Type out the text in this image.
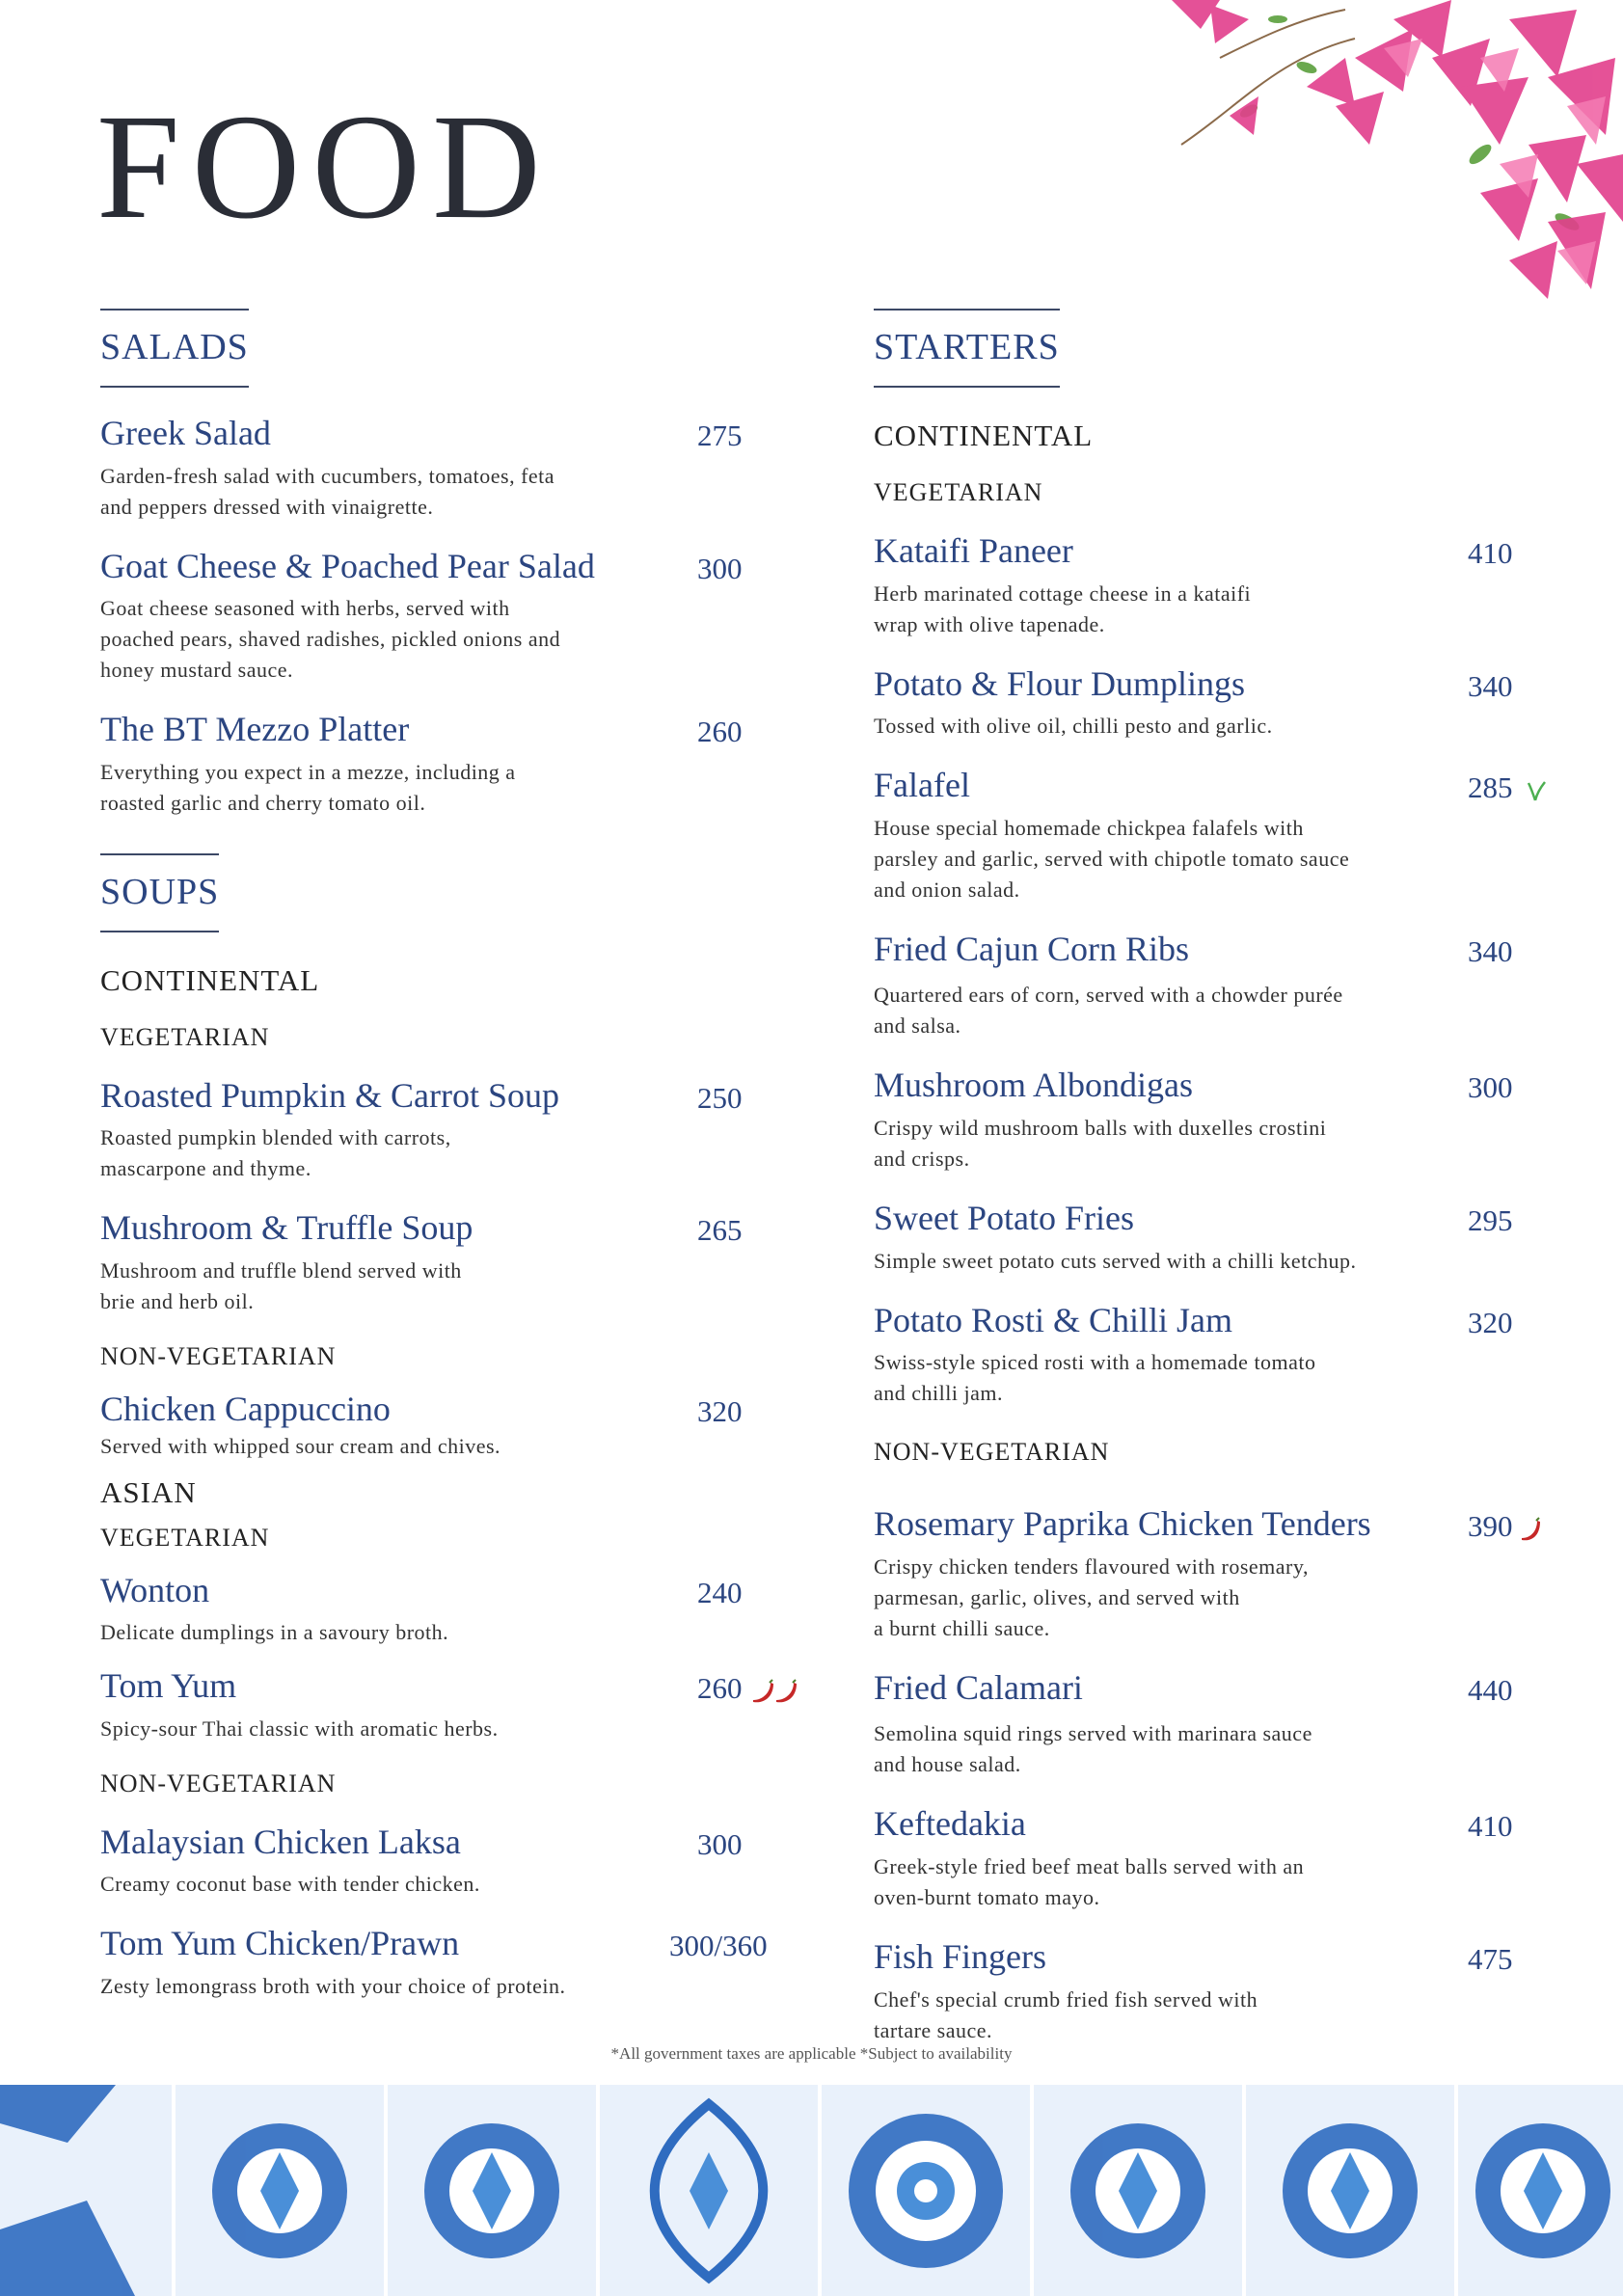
FOOD
SALADS
Greek Salad	275
Garden-fresh salad with cucumbers, tomatoes, feta
and peppers dressed with vinaigrette.
Goat Cheese & Poached Pear Salad	300
Goat cheese seasoned with herbs, served with
poached pears, shaved radishes, pickled onions and
honey mustard sauce.
The BT Mezzo Platter	260
Everything you expect in a mezze, including a
roasted garlic and cherry tomato oil.
SOUPS
CONTINENTAL
VEGETARIAN
Roasted Pumpkin & Carrot Soup	250
Roasted pumpkin blended with carrots,
mascarpone and thyme.
Mushroom & Truffle Soup	265
Mushroom and truffle blend served with
brie and herb oil.
NON-VEGETARIAN
Chicken Cappuccino	320
Served with whipped sour cream and chives.
ASIAN
VEGETARIAN
Wonton	240
Delicate dumplings in a savoury broth.
Tom Yum	260
Spicy-sour Thai classic with aromatic herbs.
NON-VEGETARIAN
Malaysian Chicken Laksa	300
Creamy coconut base with tender chicken.
Tom Yum Chicken/Prawn	300/360
Zesty lemongrass broth with your choice of protein.
STARTERS
CONTINENTAL
VEGETARIAN
Kataifi Paneer	410
Herb marinated cottage cheese in a kataifi
wrap with olive tapenade.
Potato & Flour Dumplings	340
Tossed with olive oil, chilli pesto and garlic.
Falafel	285
House special homemade chickpea falafels with
parsley and garlic, served with chipotle tomato sauce
and onion salad.
Fried Cajun Corn Ribs	340
Quartered ears of corn, served with a chowder purée
and salsa.
Mushroom Albondigas	300
Crispy wild mushroom balls with duxelles crostini
and crisps.
Sweet Potato Fries	295
Simple sweet potato cuts served with a chilli ketchup.
Potato Rosti & Chilli Jam	320
Swiss-style spiced rosti with a homemade tomato
and chilli jam.
NON-VEGETARIAN
Rosemary Paprika Chicken Tenders	390
Crispy chicken tenders flavoured with rosemary,
parmesan, garlic, olives, and served with
a burnt chilli sauce.
Fried Calamari	440
Semolina squid rings served with marinara sauce
and house salad.
Keftedakia	410
Greek-style fried beef meat balls served with an
oven-burnt tomato mayo.
Fish Fingers	475
Chef's special crumb fried fish served with
tartare sauce.
*All government taxes are applicable *Subject to availability
